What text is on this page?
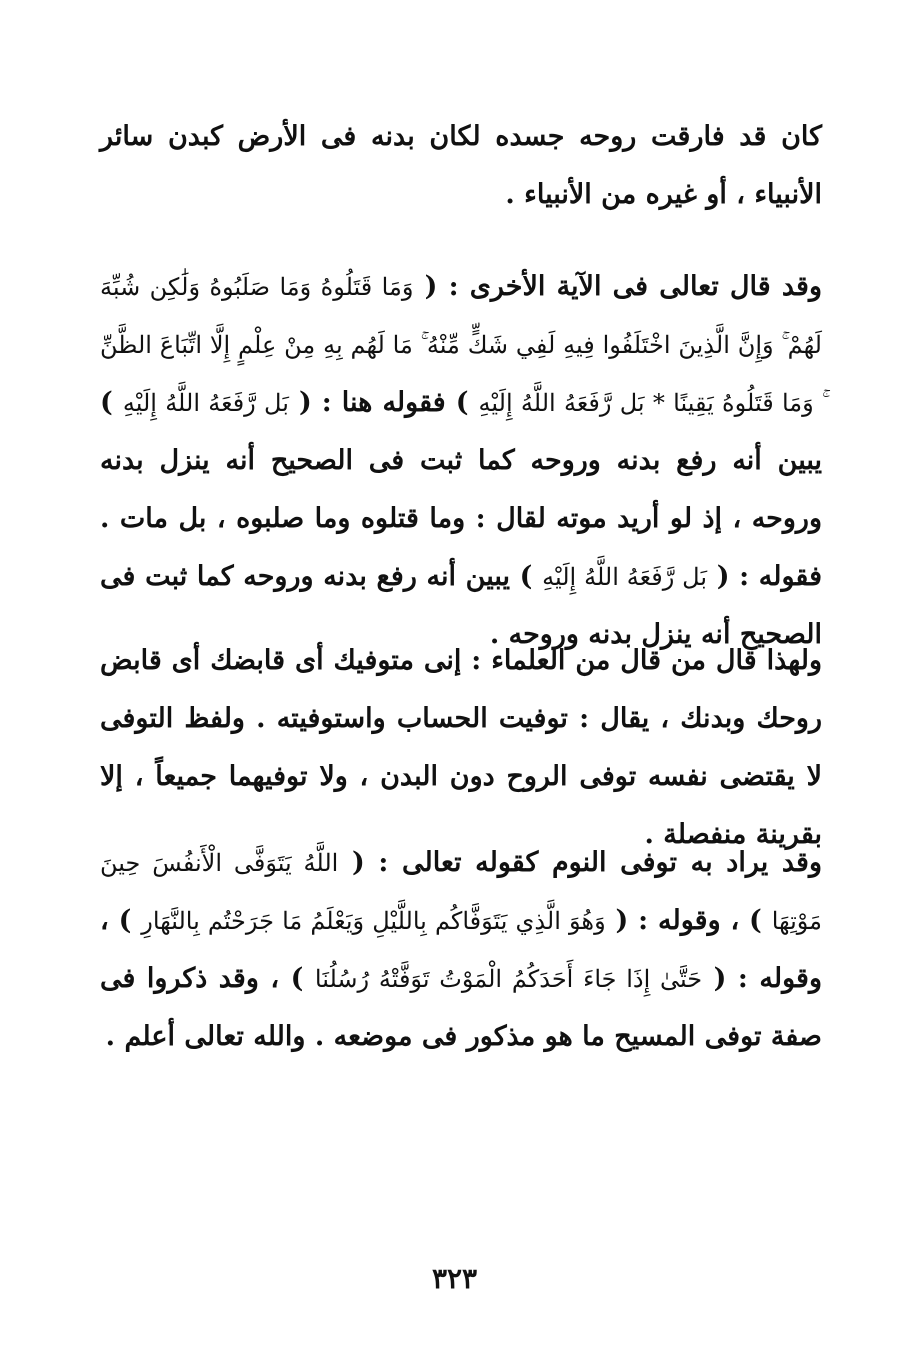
كان قد فارقت روحه جسده لكان بدنه فى الأرض كبدن سائر الأنبياء ، أو غيره من الأنبياء .
وقد قال تعالى فى الآية الأخرى : ( وَمَا قَتَلُوهُ وَمَا صَلَبُوهُ وَلَٰكِن شُبِّهَ لَهُمْ ۚ وَإِنَّ الَّذِينَ اخْتَلَفُوا فِيهِ لَفِي شَكٍّ مِّنْهُ ۚ مَا لَهُم بِهِ مِنْ عِلْمٍ إِلَّا اتِّبَاعَ الظَّنِّ ۚ وَمَا قَتَلُوهُ يَقِينًا * بَل رَّفَعَهُ اللَّهُ إِلَيْهِ ) فقوله هنا : ( بَل رَّفَعَهُ اللَّهُ إِلَيْهِ ) يبين أنه رفع بدنه وروحه كما ثبت فى الصحيح أنه ينزل بدنه وروحه ، إذ لو أريد موته لقال : وما قتلوه وما صلبوه ، بل مات . فقوله : ( بَل رَّفَعَهُ اللَّهُ إِلَيْهِ ) يبين أنه رفع بدنه وروحه كما ثبت فى الصحيح أنه ينزل بدنه وروحه .
ولهذا قال من قال من العلماء : إنى متوفيك أى قابضك أى قابض روحك وبدنك ، يقال : توفيت الحساب واستوفيته . ولفظ التوفى لا يقتضى نفسه توفى الروح دون البدن ، ولا توفيهما جميعاً ، إلا بقرينة منفصلة .
وقد يراد به توفى النوم كقوله تعالى : ( اللَّهُ يَتَوَفَّى الْأَنفُسَ حِينَ مَوْتِهَا ) ، وقوله : ( وَهُوَ الَّذِي يَتَوَفَّاكُم بِاللَّيْلِ وَيَعْلَمُ مَا جَرَحْتُم بِالنَّهَارِ ) ، وقوله : ( حَتَّىٰ إِذَا جَاءَ أَحَدَكُمُ الْمَوْتُ تَوَفَّتْهُ رُسُلُنَا ) ، وقد ذكروا فى صفة توفى المسيح ما هو مذكور فى موضعه . والله تعالى أعلم .
٣٢٣
